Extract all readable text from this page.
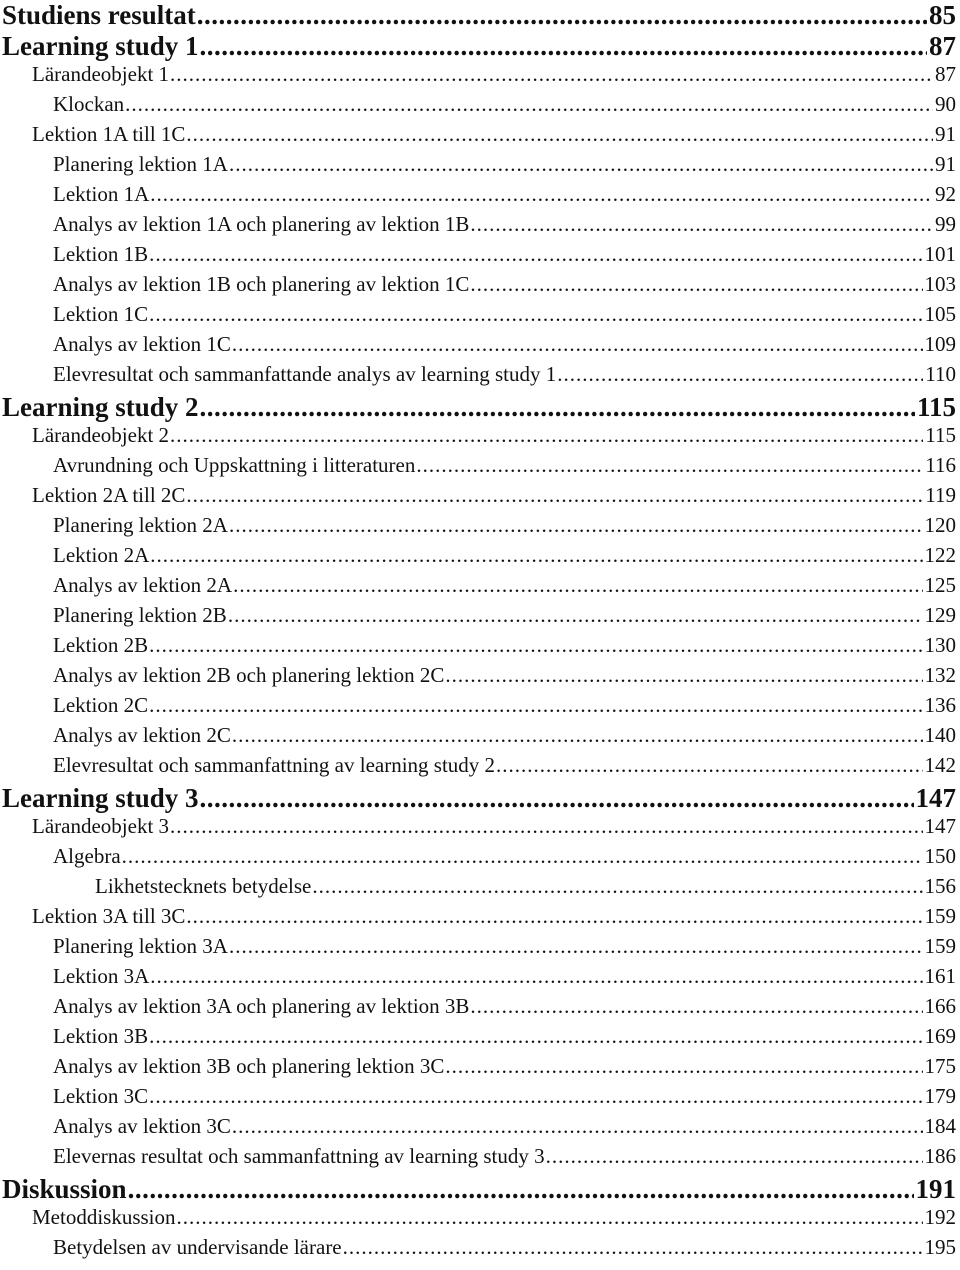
Studiens resultat .....	85
Learning study 1 .....	87
Lärandeobjekt 1 .....	87
Klockan .....	90
Lektion 1A till 1C .....	91
Planering lektion 1A .....	91
Lektion 1A .....	92
Analys av lektion 1A och planering av lektion 1B .....	99
Lektion 1B .....	101
Analys av lektion 1B och planering av lektion 1C .....	103
Lektion 1C .....	105
Analys av lektion 1C .....	109
Elevresultat och sammanfattande analys av learning study 1 .....	110
Learning study 2 .....	115
Lärandeobjekt 2 .....	115
Avrundning och Uppskattning i litteraturen .....	116
Lektion 2A till 2C .....	119
Planering lektion 2A .....	120
Lektion 2A .....	122
Analys av lektion 2A .....	125
Planering lektion 2B .....	129
Lektion 2B .....	130
Analys av lektion 2B och planering lektion 2C .....	132
Lektion 2C .....	136
Analys av lektion 2C .....	140
Elevresultat och sammanfattning av learning study 2 .....	142
Learning study 3 .....	147
Lärandeobjekt 3 .....	147
Algebra .....	150
Likhetstecknets betydelse .....	156
Lektion 3A till 3C .....	159
Planering lektion 3A .....	159
Lektion 3A .....	161
Analys av lektion 3A och planering av lektion 3B .....	166
Lektion 3B .....	169
Analys av lektion 3B och planering lektion 3C .....	175
Lektion 3C .....	179
Analys av lektion 3C .....	184
Elevernas resultat och sammanfattning av learning study 3 .....	186
Diskussion .....	191
Metoddiskussion .....	192
Betydelsen av undervisande lärare .....	195
